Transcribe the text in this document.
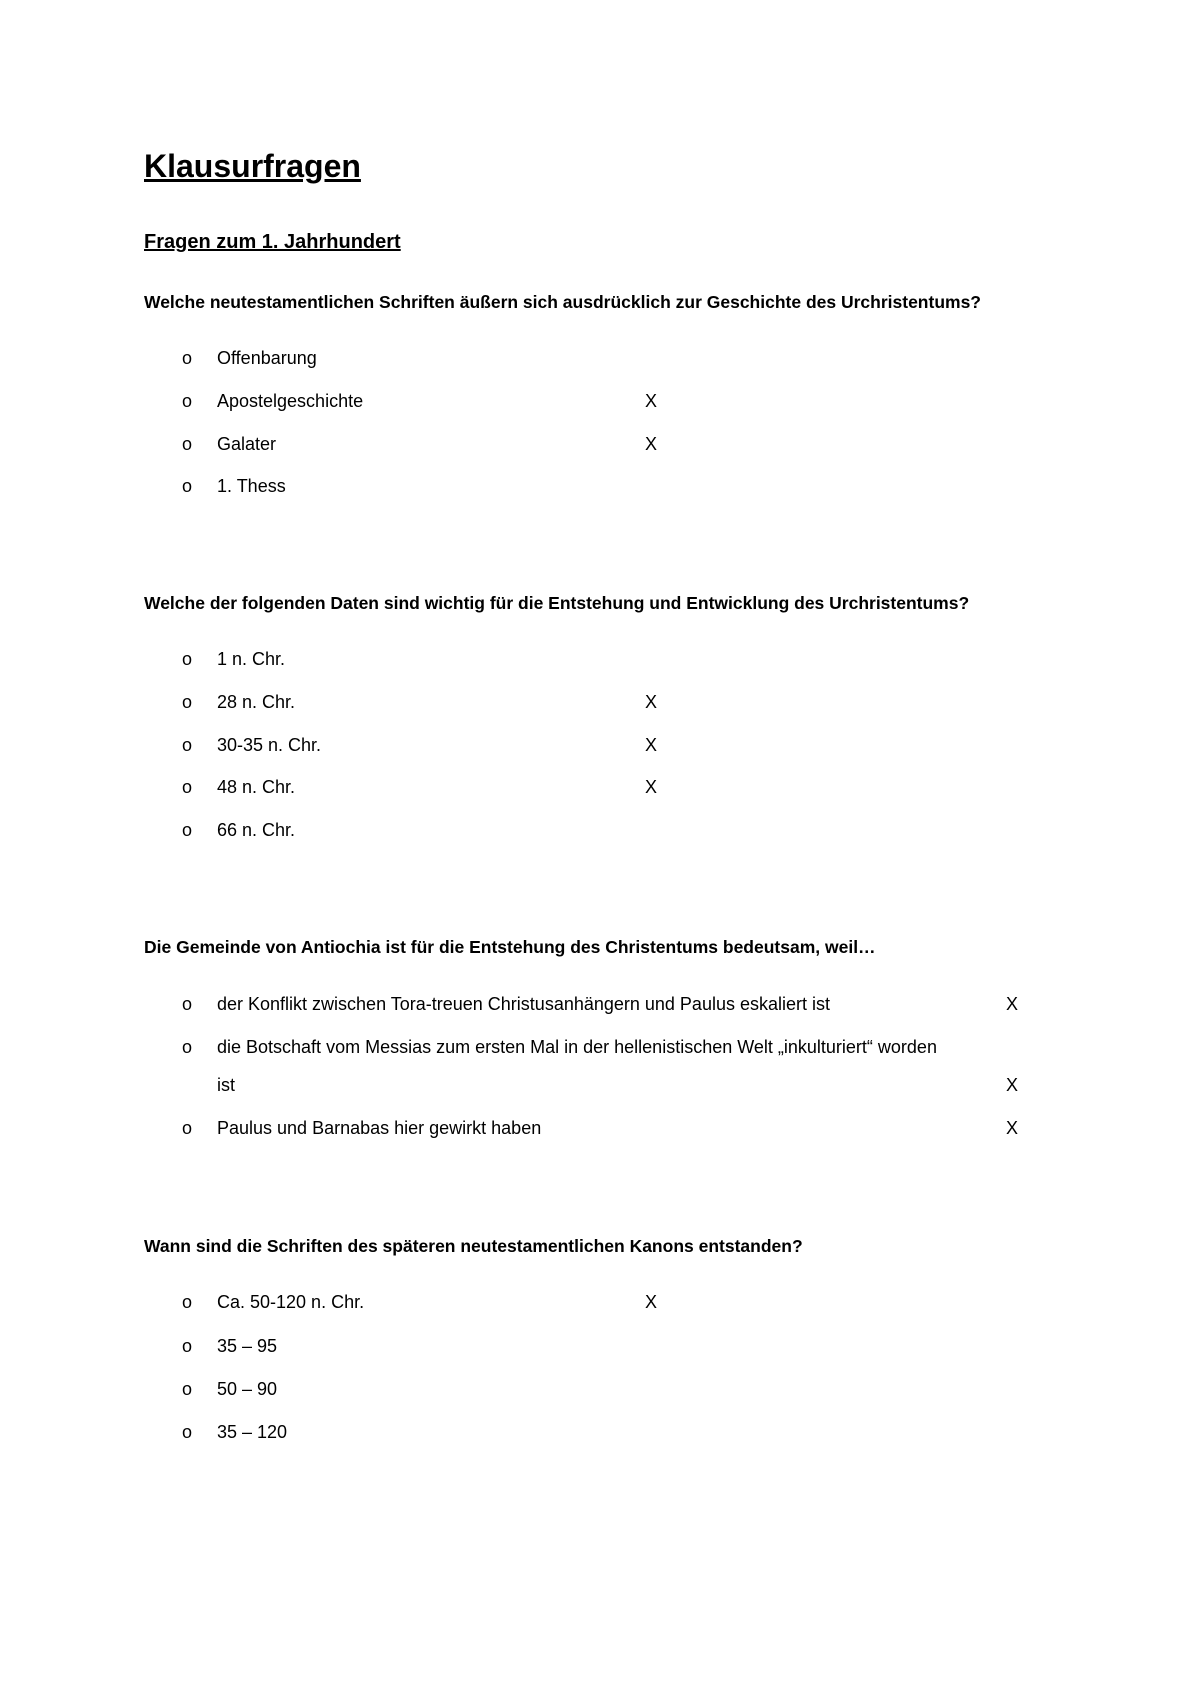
Klausurfragen
Fragen zum 1. Jahrhundert

Welche neutestamentlichen Schriften äußern sich ausdrücklich zur Geschichte des Urchristentums?

o Offenbarung
o Apostelgeschichte	X
o Galater	X
o 1. Thess

Welche der folgenden Daten sind wichtig für die Entstehung und Entwicklung des Urchristentums?

o 1 n. Chr.
o 28 n. Chr.	X
o 30-35 n. Chr.	X
o 48 n. Chr.	X
o 66 n. Chr.

Die Gemeinde von Antiochia ist für die Entstehung des Christentums bedeutsam, weil…

o der Konflikt zwischen Tora-treuen Christusanhängern und Paulus eskaliert ist	X
o die Botschaft vom Messias zum ersten Mal in der hellenistischen Welt „inkulturiert“ worden
ist	X
o Paulus und Barnabas hier gewirkt haben	X

Wann sind die Schriften des späteren neutestamentlichen Kanons entstanden?

o Ca. 50-120 n. Chr.	X
o 35 – 95
o 50 – 90
o 35 – 120
